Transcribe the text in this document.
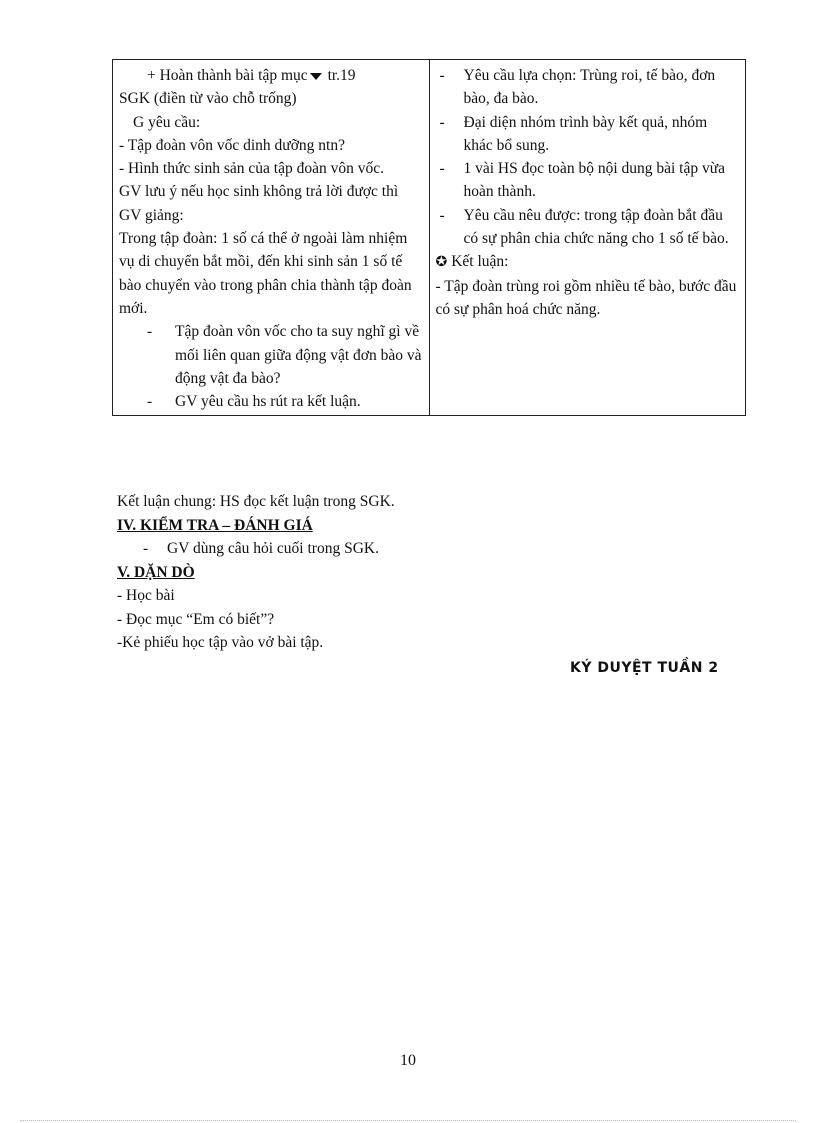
+ Hoàn thành bài tập mục tr.19
SGK (điền từ vào chỗ trống)
G yêu cầu:
- Tập đoàn vôn vốc dinh dưỡng ntn?
- Hình thức sinh sản của tập đoàn vôn vốc.
GV lưu ý nếu học sinh không trả lời được thì GV giảng:
Trong tập đoàn: 1 số cá thể ở ngoài làm nhiệm vụ di chuyển bắt mồi, đến khi sinh sản 1 số tế bào chuyển vào trong phân chia thành tập đoàn mới.
- Tập đoàn vôn vốc cho ta suy nghĩ gì về mối liên quan giữa động vật đơn bào và động vật đa bào?
- GV yêu cầu hs rút ra kết luận.

- Yêu cầu lựa chọn: Trùng roi, tế bào, đơn bào, đa bào.
- Đại diện nhóm trình bày kết quả, nhóm khác bổ sung.
- 1 vài HS đọc toàn bộ nội dung bài tập vừa hoàn thành.
- Yêu cầu nêu được: trong tập đoàn bắt đầu có sự phân chia chức năng cho 1 số tế bào.
✪ Kết luận:
- Tập đoàn trùng roi gồm nhiều tế bào, bước đầu có sự phân hoá chức năng.
Kết luận chung: HS đọc kết luận trong SGK.
IV. KIỂM TRA – ĐÁNH GIÁ
- GV dùng câu hỏi cuối trong SGK.
V. DẶN DÒ
- Học bài
- Đọc mục “Em có biết”?
-Kẻ phiếu học tập vào vở bài tập.
KÝ DUYỆT TUẦN 2
10
